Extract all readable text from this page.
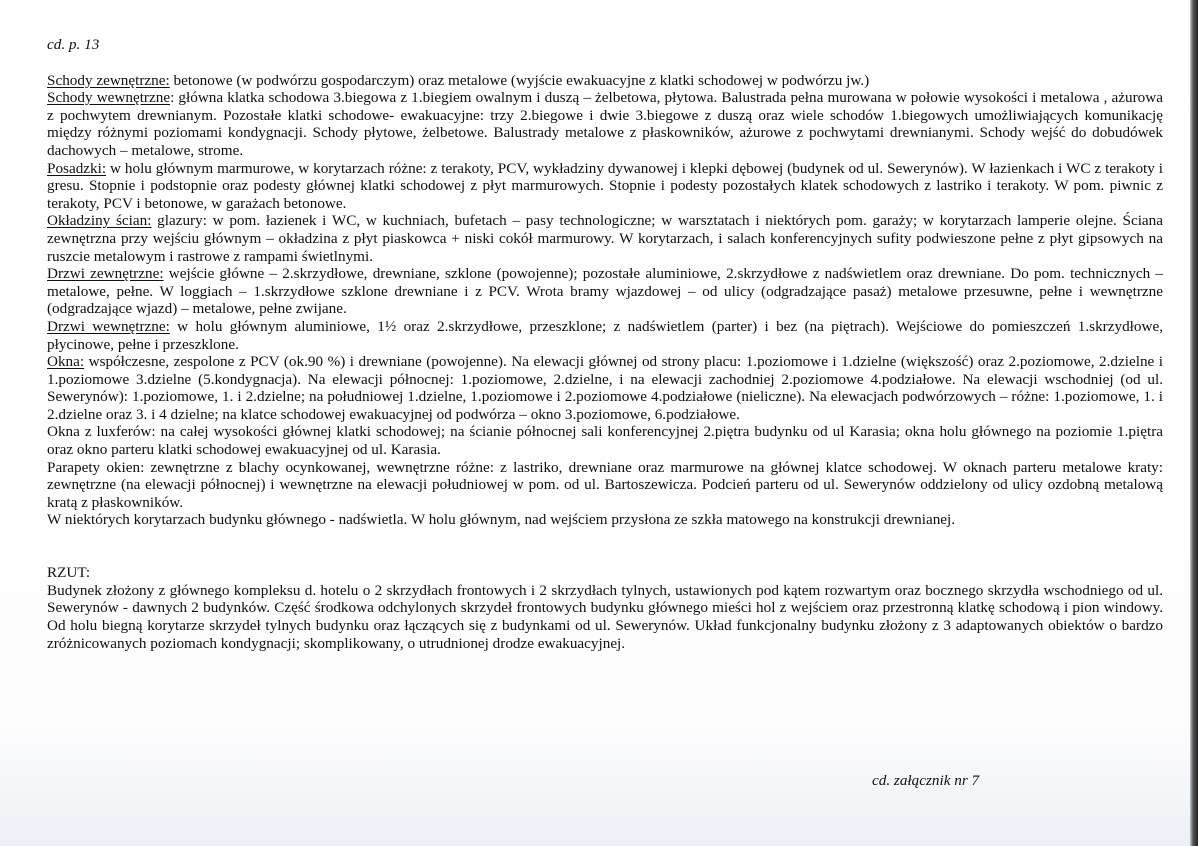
cd. p. 13

Schody zewnętrzne: betonowe (w podwórzu gospodarczym) oraz metalowe (wyjście ewakuacyjne z klatki schodowej w podwórzu jw.)

Schody wewnętrzne: główna klatka schodowa 3.biegowa z 1.biegiem owalnym i duszą – żelbetowa, płytowa. Balustrada pełna murowana w połowie wysokości i metalowa , ażurowa z pochwytem drewnianym. Pozostałe klatki schodowe- ewakuacyjne: trzy 2.biegowe i dwie 3.biegowe z duszą oraz wiele schodów 1.biegowych umożliwiających komunikację między różnymi poziomami kondygnacji. Schody płytowe, żelbetowe. Balustrady metalowe z płaskowników, ażurowe z pochwytami drewnianymi. Schody wejść do dobudówek dachowych – metalowe, strome.

Posadzki: w holu głównym marmurowe, w korytarzach różne: z terakoty, PCV, wykładziny dywanowej i klepki dębowej (budynek od ul. Sewerynów). W łazienkach i WC z terakoty i gresu. Stopnie i podstopnie oraz podesty głównej klatki schodowej z płyt marmurowych. Stopnie i podesty pozostałych klatek schodowych z lastriko i terakoty. W pom. piwnic z terakoty, PCV i betonowe, w garażach betonowe.

Okładziny ścian: glazury: w pom. łazienek i WC, w kuchniach, bufetach – pasy technologiczne; w warsztatach i niektórych pom. garaży; w korytarzach lamperie olejne. Ściana zewnętrzna przy wejściu głównym – okładzina z płyt piaskowca + niski cokół marmurowy. W korytarzach, i salach konferencyjnych sufity podwieszone pełne z płyt gipsowych na ruszcie metalowym i rastrowe z rampami świetlnymi.

Drzwi zewnętrzne: wejście główne – 2.skrzydłowe, drewniane, szklone (powojenne); pozostałe aluminiowe, 2.skrzydłowe z nadświetlem oraz drewniane. Do pom. technicznych – metalowe, pełne. W loggiach – 1.skrzydłowe szklone drewniane i z PCV. Wrota bramy wjazdowej – od ulicy (odgradzające pasaż) metalowe przesuwne, pełne i wewnętrzne (odgradzające wjazd) – metalowe, pełne zwijane.

Drzwi wewnętrzne: w holu głównym aluminiowe, 1½ oraz 2.skrzydłowe, przeszklone; z nadświetlem (parter) i bez (na piętrach). Wejściowe do pomieszczeń 1.skrzydłowe, płycinowe, pełne i przeszklone.

Okna: współczesne, zespolone z PCV (ok.90 %) i drewniane (powojenne). Na elewacji głównej od strony placu: 1.poziomowe i 1.dzielne (większość) oraz 2.poziomowe, 2.dzielne i 1.poziomowe 3.dzielne (5.kondygnacja). Na elewacji północnej: 1.poziomowe, 2.dzielne, i na elewacji zachodniej 2.poziomowe 4.podziałowe. Na elewacji wschodniej (od ul. Sewerynów): 1.poziomowe, 1. i 2.dzielne; na południowej 1.dzielne, 1.poziomowe i 2.poziomowe 4.podziałowe (nieliczne). Na elewacjach podwórzowych – różne: 1.poziomowe, 1. i 2.dzielne oraz 3. i 4 dzielne; na klatce schodowej ewakuacyjnej od podwórza – okno 3.poziomowe, 6.podziałowe.

Okna z luxferów: na całej wysokości głównej klatki schodowej; na ścianie północnej sali konferencyjnej 2.piętra budynku od ul Karasia; okna holu głównego na poziomie 1.piętra oraz okno parteru klatki schodowej ewakuacyjnej od ul. Karasia.

Parapety okien: zewnętrzne z blachy ocynkowanej, wewnętrzne różne: z lastriko, drewniane oraz marmurowe na głównej klatce schodowej. W oknach parteru metalowe kraty: zewnętrzne (na elewacji północnej) i wewnętrzne na elewacji południowej w pom. od ul. Bartoszewicza. Podcień parteru od ul. Sewerynów oddzielony od ulicy ozdobną metalową kratą z płaskowników.

W niektórych korytarzach budynku głównego - nadświetla. W holu głównym, nad wejściem przysłona ze szkła matowego na konstrukcji drewnianej.

RZUT:

Budynek złożony z głównego kompleksu d. hotelu o 2 skrzydłach frontowych i 2 skrzydłach tylnych, ustawionych pod kątem rozwartym oraz bocznego skrzydła wschodniego od ul. Sewerynów - dawnych 2 budynków. Część środkowa odchylonych skrzydeł frontowych budynku głównego mieści hol z wejściem oraz przestronną klatkę schodową i pion windowy. Od holu biegną korytarze skrzydeł tylnych budynku oraz łączących się z budynkami od ul. Sewerynów. Układ funkcjonalny budynku złożony z 3 adaptowanych obiektów o bardzo zróżnicowanych poziomach kondygnacji; skomplikowany, o utrudnionej drodze ewakuacyjnej.

cd. załącznik nr 7
